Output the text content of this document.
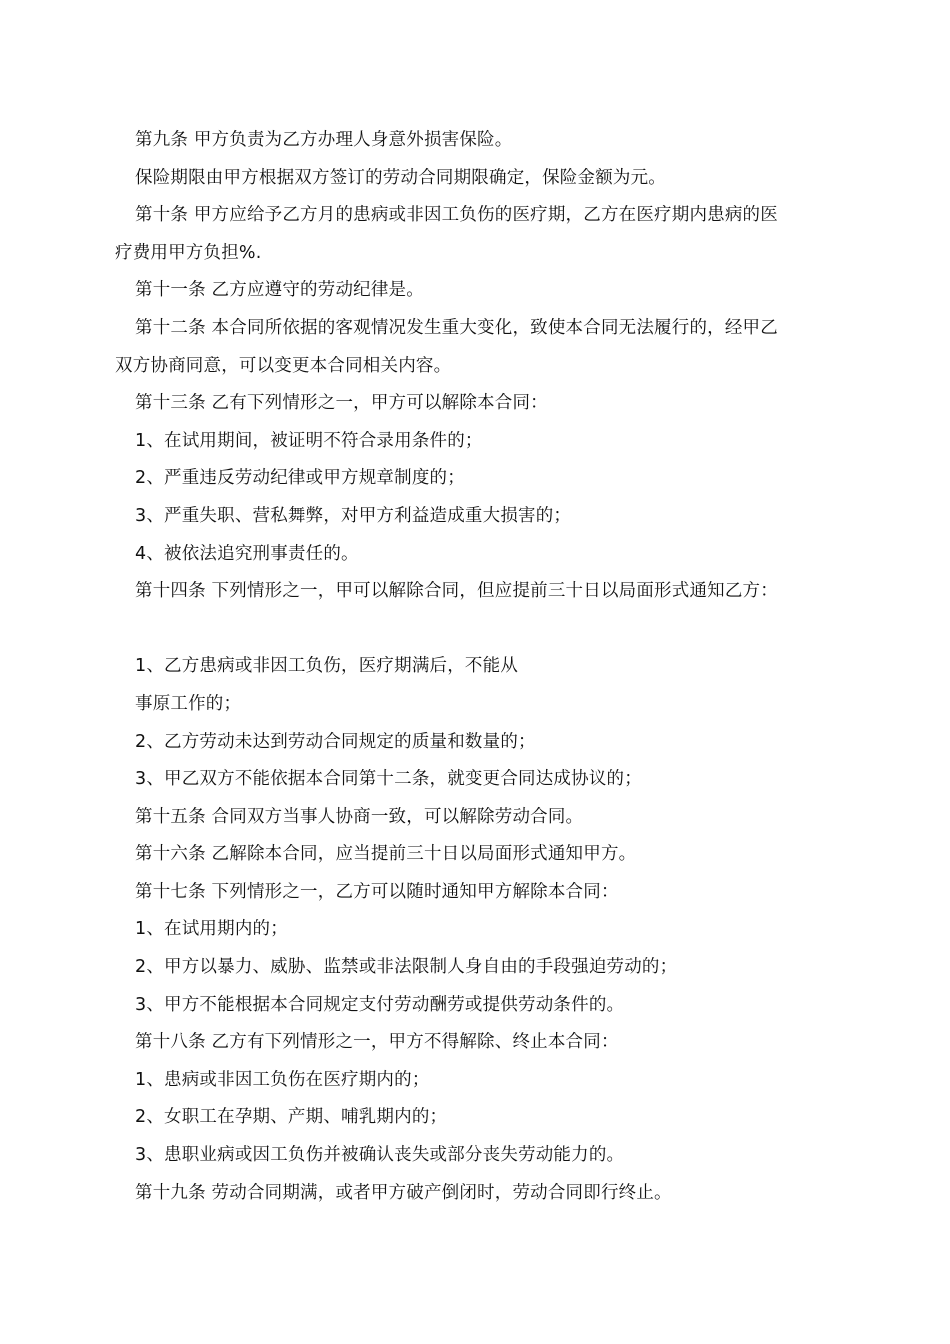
第九条 甲方负责为乙方办理人身意外损害保险。
保险期限由甲方根据双方签订的劳动合同期限确定，保险金额为元。
第十条 甲方应给予乙方月的患病或非因工负伤的医疗期，乙方在医疗期内患病的医
疗费用甲方负担%.
第十一条 乙方应遵守的劳动纪律是。
第十二条 本合同所依据的客观情况发生重大变化，致使本合同无法履行的，经甲乙
双方协商同意，可以变更本合同相关内容。
第十三条 乙有下列情形之一，甲方可以解除本合同：
1、在试用期间，被证明不符合录用条件的；
2、严重违反劳动纪律或甲方规章制度的；
3、严重失职、营私舞弊，对甲方利益造成重大损害的；
4、被依法追究刑事责任的。
第十四条 下列情形之一，甲可以解除合同，但应提前三十日以局面形式通知乙方：
1、乙方患病或非因工负伤，医疗期满后，不能从
事原工作的；
2、乙方劳动未达到劳动合同规定的质量和数量的；
3、甲乙双方不能依据本合同第十二条，就变更合同达成协议的；
第十五条 合同双方当事人协商一致，可以解除劳动合同。
第十六条 乙解除本合同，应当提前三十日以局面形式通知甲方。
第十七条 下列情形之一，乙方可以随时通知甲方解除本合同：
1、在试用期内的；
2、甲方以暴力、威胁、监禁或非法限制人身自由的手段强迫劳动的；
3、甲方不能根据本合同规定支付劳动酬劳或提供劳动条件的。
第十八条 乙方有下列情形之一，甲方不得解除、终止本合同：
1、患病或非因工负伤在医疗期内的；
2、女职工在孕期、产期、哺乳期内的；
3、患职业病或因工负伤并被确认丧失或部分丧失劳动能力的。
第十九条 劳动合同期满，或者甲方破产倒闭时，劳动合同即行终止。
